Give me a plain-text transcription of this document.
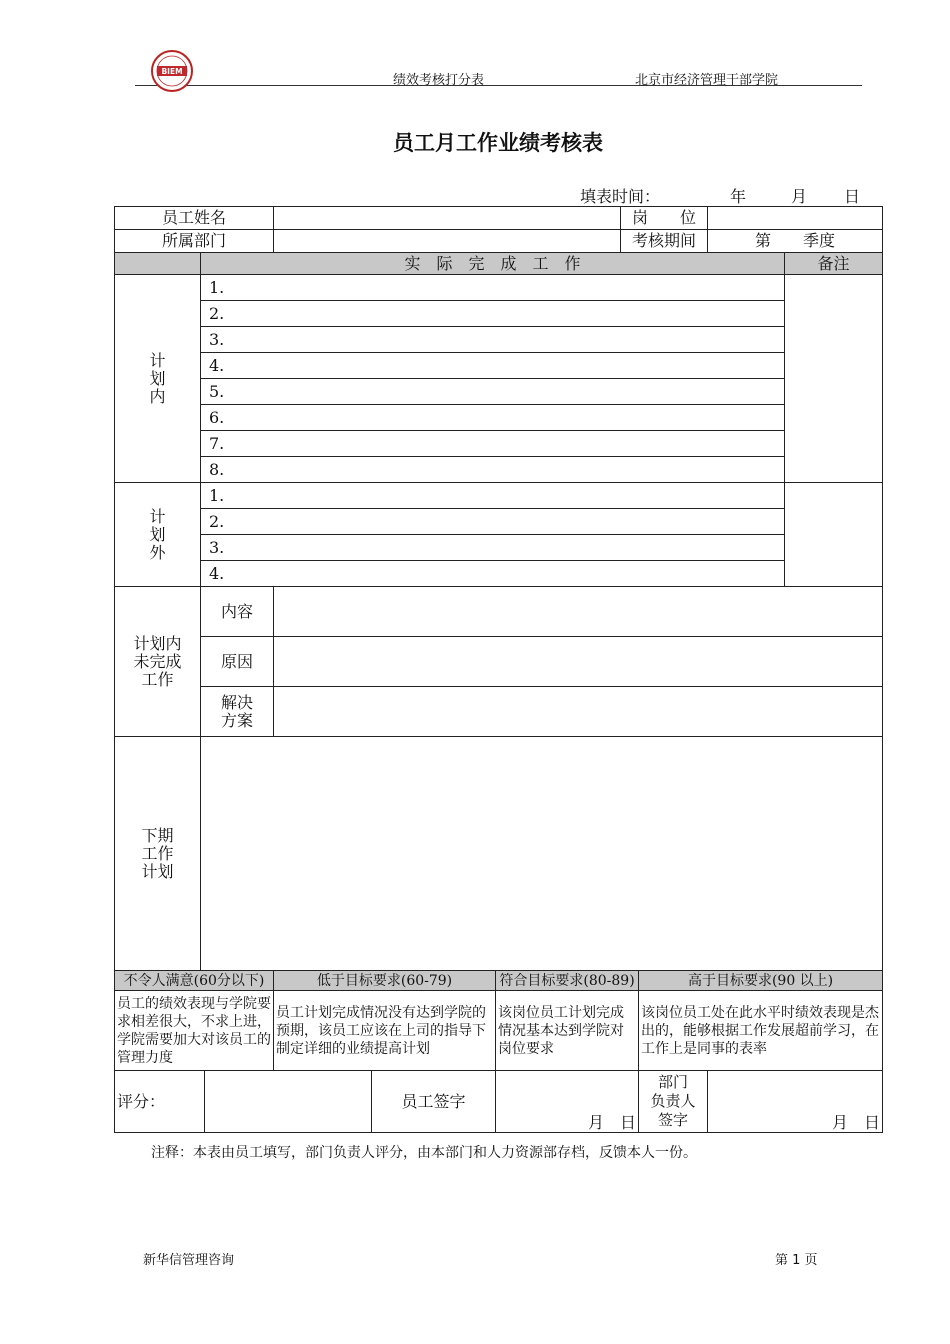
BIEM
绩效考核打分表	北京市经济管理干部学院
员工月工作业绩考核表
填表时间：	年	月 日
员工姓名						岗　　位			
所属部门						考核期间		第　　季度	
	实　际　完　成　工　作								备注
计
划
内	1.								
	2.								
	3.								
	4.								
	5.								
	6.								
	7.								
	8.								
计
划
外	1.								
	2.								
	3.								
	4.								
计划内
未完成
工作	内容								
	原因								
	解决
方案								
下期
工作
计划									
不令人满意(60分以下)			低于目标要求(60-79)		符合目标要求(80-89)		高于目标要求(90 以上)		
员工的绩效表现与学院要求相差很大，不求上进，学院需要加大对该员工的管理力度			员工计划完成情况没有达到学院的预期，该员工应该在上司的指导下制定详细的业绩提高计划		该岗位员工计划完成情况基本达到学院对岗位要求		该岗位员工处在此水平时绩效表现是杰出的，能够根据工作发展超前学习，在工作上是同事的表率		
评分：				员工签字	月　日		部门
负责人
签字	月　日	
注释：本表由员工填写，部门负责人评分，由本部门和人力资源部存档，反馈本人一份。
新华信管理咨询	第 1 页
